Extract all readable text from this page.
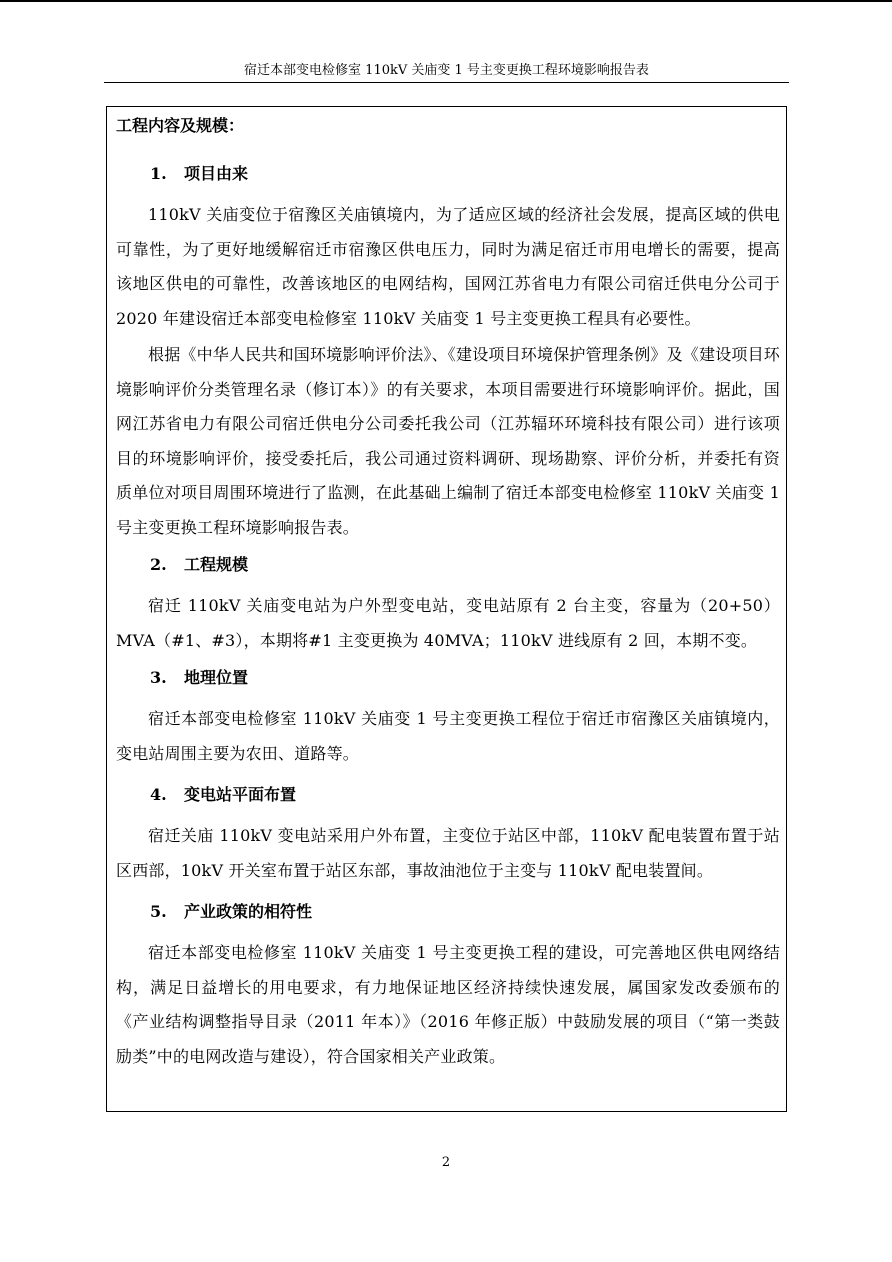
宿迁本部变电检修室 110kV 关庙变 1 号主变更换工程环境影响报告表
工程内容及规模：
1. 项目由来
110kV 关庙变位于宿豫区关庙镇境内，为了适应区域的经济社会发展，提高区域的供电可靠性，为了更好地缓解宿迁市宿豫区供电压力，同时为满足宿迁市用电增长的需要，提高该地区供电的可靠性，改善该地区的电网结构，国网江苏省电力有限公司宿迁供电分公司于 2020 年建设宿迁本部变电检修室 110kV 关庙变 1 号主变更换工程具有必要性。
根据《中华人民共和国环境影响评价法》、《建设项目环境保护管理条例》及《建设项目环境影响评价分类管理名录（修订本）》的有关要求，本项目需要进行环境影响评价。据此，国网江苏省电力有限公司宿迁供电分公司委托我公司（江苏辐环环境科技有限公司）进行该项目的环境影响评价，接受委托后，我公司通过资料调研、现场勘察、评价分析，并委托有资质单位对项目周围环境进行了监测，在此基础上编制了宿迁本部变电检修室 110kV 关庙变 1 号主变更换工程环境影响报告表。
2. 工程规模
宿迁 110kV 关庙变电站为户外型变电站，变电站原有 2 台主变，容量为（20+50）MVA（#1、#3），本期将#1 主变更换为 40MVA；110kV 进线原有 2 回，本期不变。
3. 地理位置
宿迁本部变电检修室 110kV 关庙变 1 号主变更换工程位于宿迁市宿豫区关庙镇境内，变电站周围主要为农田、道路等。
4. 变电站平面布置
宿迁关庙 110kV 变电站采用户外布置，主变位于站区中部，110kV 配电装置布置于站区西部，10kV 开关室布置于站区东部，事故油池位于主变与 110kV 配电装置间。
5. 产业政策的相符性
宿迁本部变电检修室 110kV 关庙变 1 号主变更换工程的建设，可完善地区供电网络结构，满足日益增长的用电要求，有力地保证地区经济持续快速发展，属国家发改委颁布的《产业结构调整指导目录（2011 年本）》（2016 年修正版）中鼓励发展的项目（“第一类鼓励类”中的电网改造与建设），符合国家相关产业政策。
2
